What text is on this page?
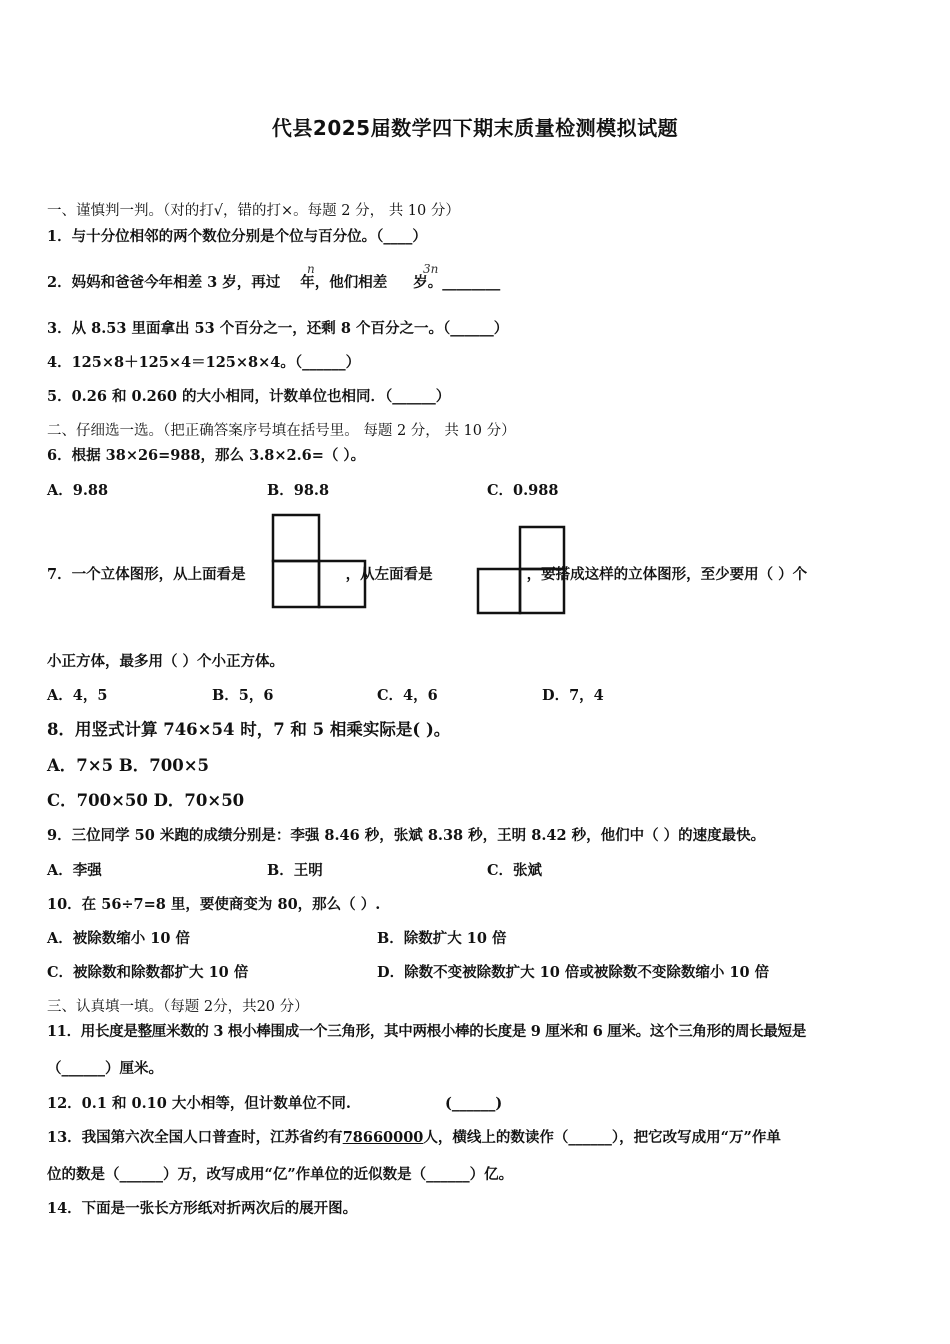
代县2025届数学四下期末质量检测模拟试题
一、谨慎判一判。（对的打√，错的打×。每题 2 分， 共 10 分）
1．与十分位相邻的两个数位分别是个位与百分位。（____）
2．妈妈和爸爸今年相差 3 岁，再过 年，他们相差 岁。________
n	3n
3．从 8.53 里面拿出 53 个百分之一，还剩 8 个百分之一。（______）
4．125×8＋125×4＝125×8×4。（______）
5．0.26 和 0.260 的大小相同，计数单位也相同．（______）
二、仔细选一选。（把正确答案序号填在括号里。 每题 2 分， 共 10 分）
6．根据 38×26=988，那么 3.8×2.6=（ ）。
A．9.88	B．98.8	C．0.988
7．一个立体图形，从上面看是	，从左面看是	，要搭成这样的立体图形，至少要用（ ）个
小正方体，最多用（ ）个小正方体。
A．4，5	B．5，6	C．4，6	D．7，4
8．用竖式计算 746×54 时，7 和 5 相乘实际是( )。
A．7×5 B．700×5
C．700×50 D．70×50
9．三位同学 50 米跑的成绩分别是：李强 8.46 秒，张斌 8.38 秒，王明 8.42 秒，他们中（ ）的速度最快。
A．李强	B．王明	C．张斌
10．在 56÷7=8 里，要使商变为 80，那么（ ）.
A．被除数缩小 10 倍	B．除数扩大 10 倍
C．被除数和除数都扩大 10 倍	D．除数不变被除数扩大 10 倍或被除数不变除数缩小 10 倍
三、认真填一填。（每题 2分，共20 分）
11．用长度是整厘米数的 3 根小棒围成一个三角形，其中两根小棒的长度是 9 厘米和 6 厘米。这个三角形的周长最短是
（______）厘米。
12．0.1 和 0.10 大小相等，但计数单位不同.	(______)
13．我国第六次全国人口普查时，江苏省约有78660000人，横线上的数读作（______），把它改写成用“万”作单
位的数是（______）万，改写成用“亿”作单位的近似数是（______）亿。
14．下面是一张长方形纸对折两次后的展开图。
